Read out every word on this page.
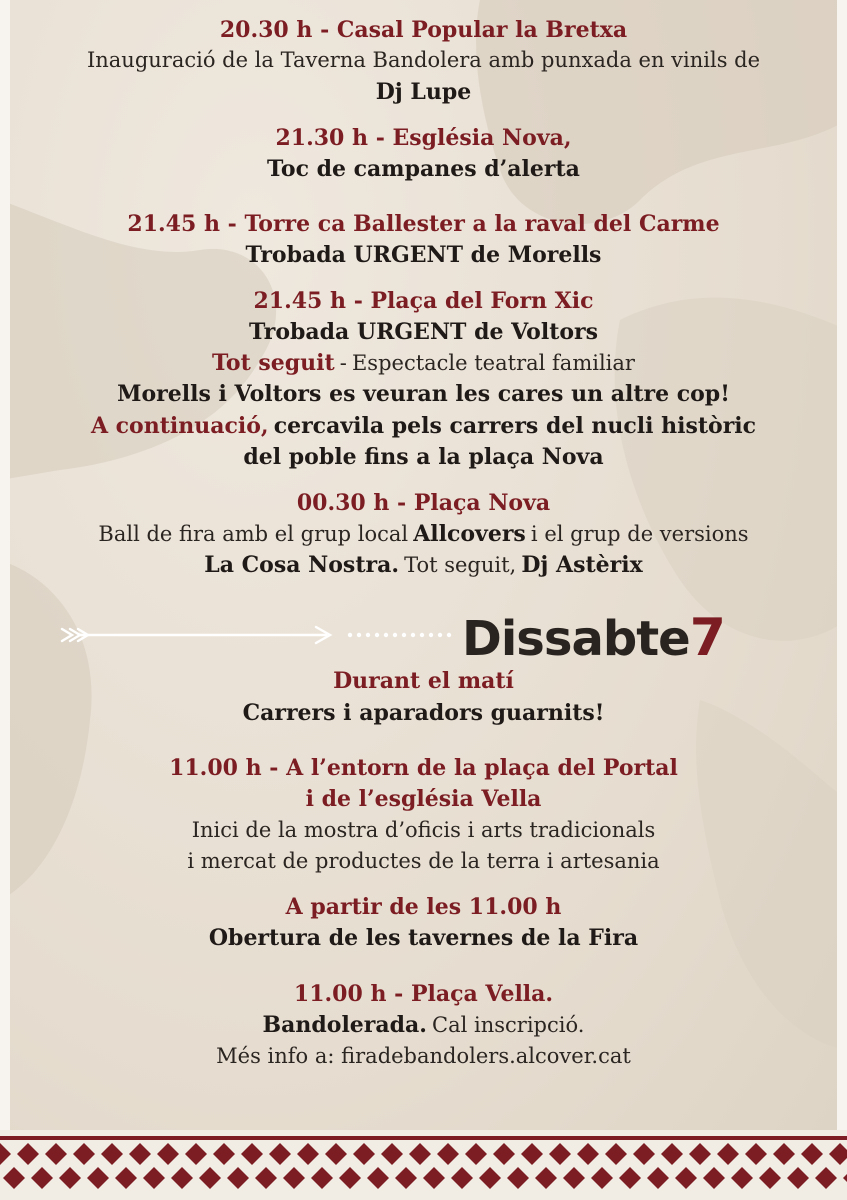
20.30 h - Casal Popular la Bretxa
Inauguració de la Taverna Bandolera amb punxada en vinils de
Dj Lupe
21.30 h - Església Nova,
Toc de campanes d’alerta
21.45 h - Torre ca Ballester a la raval del Carme
Trobada URGENT de Morells
21.45 h - Plaça del Forn Xic
Trobada URGENT de Voltors
Tot seguit - Espectacle teatral familiar
Morells i Voltors es veuran les cares un altre cop!
A continuació, cercavila pels carrers del nucli històric
del poble fins a la plaça Nova
00.30 h - Plaça Nova
Ball de fira amb el grup local Allcovers i el grup de versions
La Cosa Nostra. Tot seguit, Dj Astèrix
Dissabte7
Durant el matí
Carrers i aparadors guarnits!
11.00 h - A l’entorn de la plaça del Portal
i de l’església Vella
Inici de la mostra d’oficis i arts tradicionals
i mercat de productes de la terra i artesania
A partir de les 11.00 h
Obertura de les tavernes de la Fira
11.00 h - Plaça Vella.
Bandolerada. Cal inscripció.
Més info a: firadebandolers.alcover.cat
